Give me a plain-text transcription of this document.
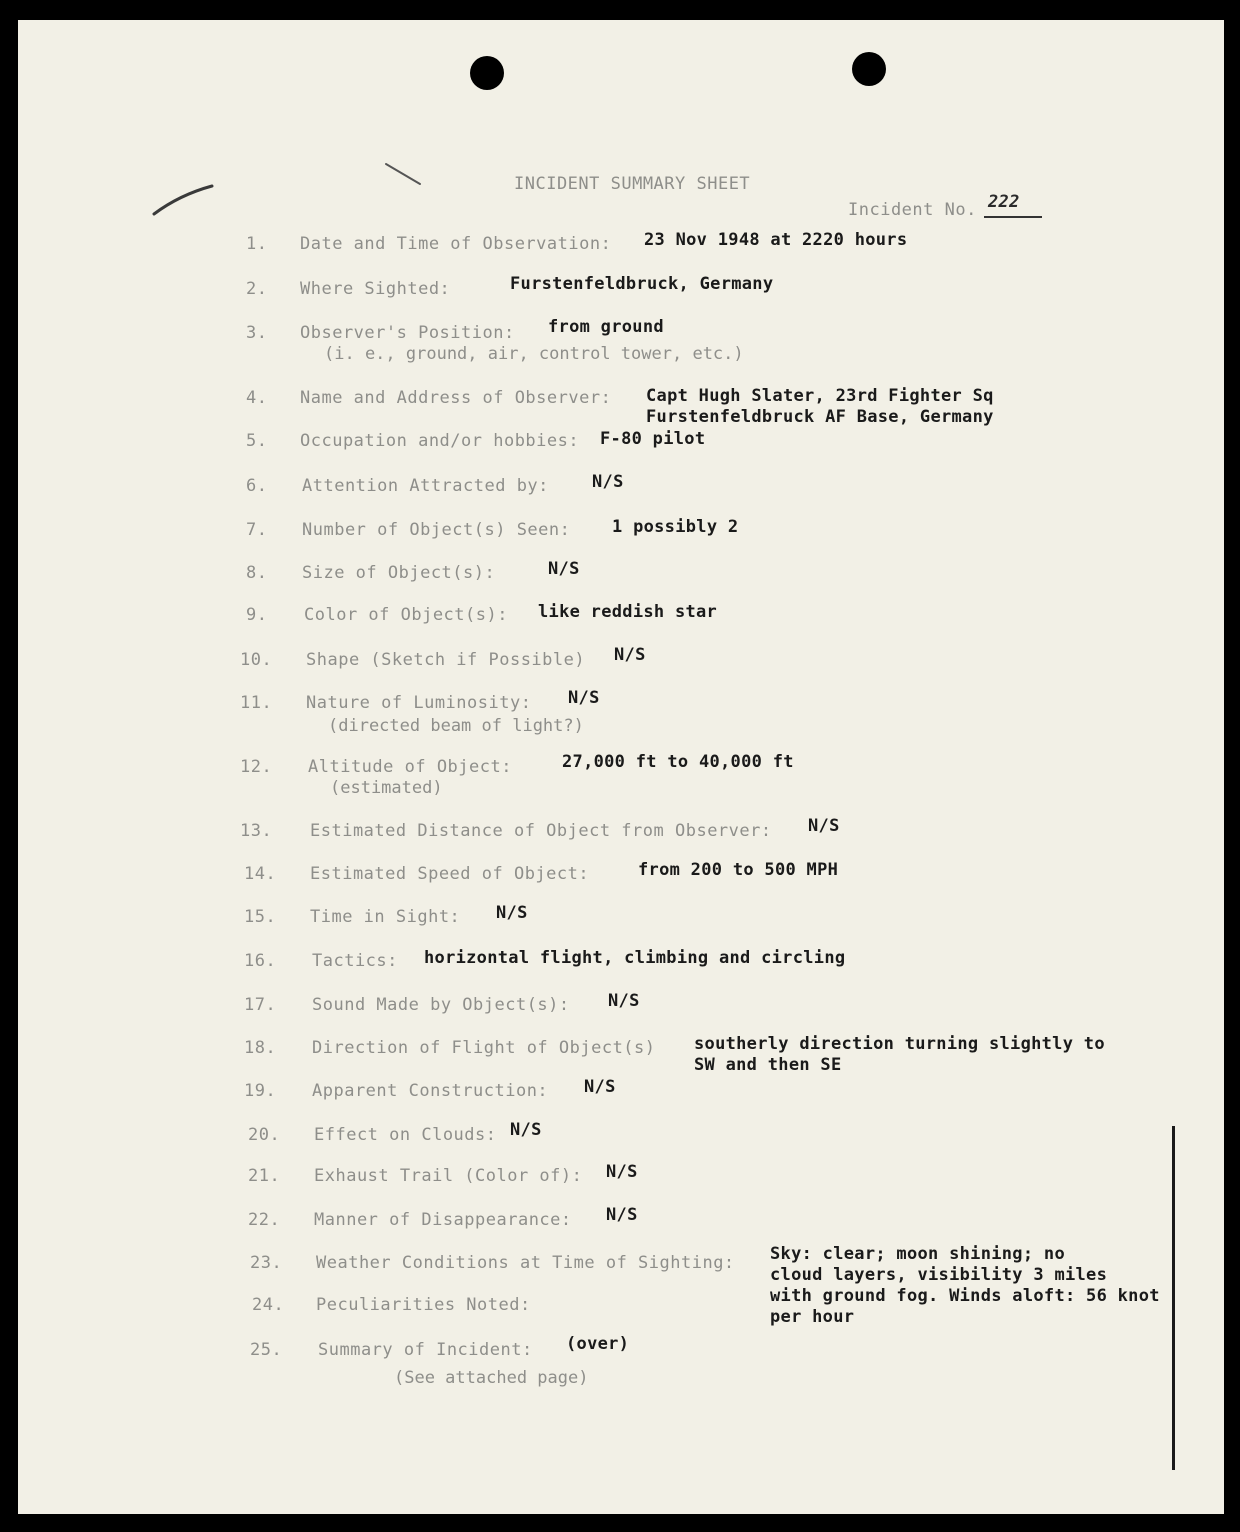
INCIDENT SUMMARY SHEET
Incident No. 222
1. Date and Time of Observation: 23 Nov 1948 at 2220 hours
2. Where Sighted:	Furstenfeldbruck, Germany
3. Observer's Position: from ground
(i. e., ground, air, control tower, etc.)
4. Name and Address of Observer: Capt Hugh Slater, 23rd Fighter Sq
Furstenfeldbruck AF Base, Germany
5. Occupation and/or hobbies: F-80 pilot
6. Attention Attracted by:	N/S
7. Number of Object(s) Seen: 1 possibly 2
8. Size of Object(s):	N/S
9. Color of Object(s): like reddish star
10. Shape (Sketch if Possible) N/S
11. Nature of Luminosity: N/S
(directed beam of light?)
12. Altitude of Object:	27,000 ft to 40,000 ft
(estimated)
13. Estimated Distance of Object from Observer: N/S
14. Estimated Speed of Object:	from 200 to 500 MPH
15. Time in Sight: N/S
16. Tactics: horizontal flight, climbing and circling
17. Sound Made by Object(s): N/S
18. Direction of Flight of Object(s) southerly direction turning slightly to
SW and then SE
19. Apparent Construction: N/S
20. Effect on Clouds: N/S
21. Exhaust Trail (Color of): N/S
22. Manner of Disappearance: N/S
23. Weather Conditions at Time of Sighting: Sky: clear; moon shining; no
cloud layers, visibility 3 miles
with ground fog. Winds aloft: 56 knot
per hour
24. Peculiarities Noted:
25. Summary of Incident: (over)
(See attached page)
